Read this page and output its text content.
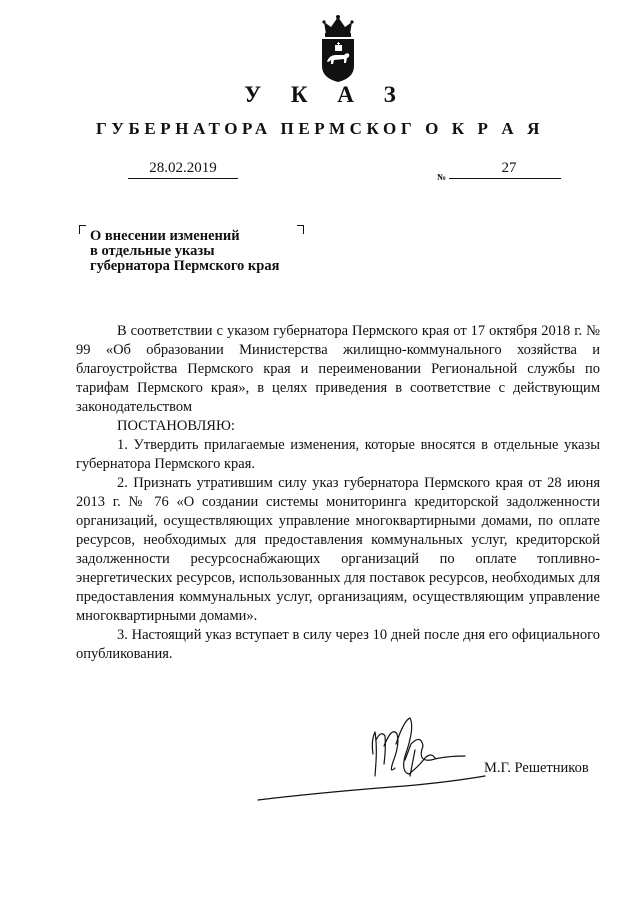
У К А З
ГУБЕРНАТОРА ПЕРМСКОГ О К Р А Я
28.02.2019
№
27
О внесении изменений
в отдельные указы
губернатора Пермского края

В соответствии с указом губернатора Пермского края от 17 октября 2018 г. № 99 «Об образовании Министерства жилищно-коммунального хозяйства и благоустройства Пермского края и переименовании Региональной службы по тарифам Пермского края», в целях приведения в соответствие с действующим законодательством

ПОСТАНОВЛЯЮ:

1. Утвердить прилагаемые изменения, которые вносятся в отдельные указы губернатора Пермского края.

2. Признать утратившим силу указ губернатора Пермского края от 28 июня 2013 г. № 76 «О создании системы мониторинга кредиторской задолженности организаций, осуществляющих управление многоквартирными домами, по оплате ресурсов, необходимых для предоставления коммунальных услуг, кредиторской задолженности ресурсоснабжающих организаций по оплате топливно-энергетических ресурсов, использованных для поставок ресурсов, необходимых для предоставления коммунальных услуг, организациям, осуществляющим управление многоквартирными домами».

3. Настоящий указ вступает в силу через 10 дней после дня его официального опубликования.

М.Г. Решетников
